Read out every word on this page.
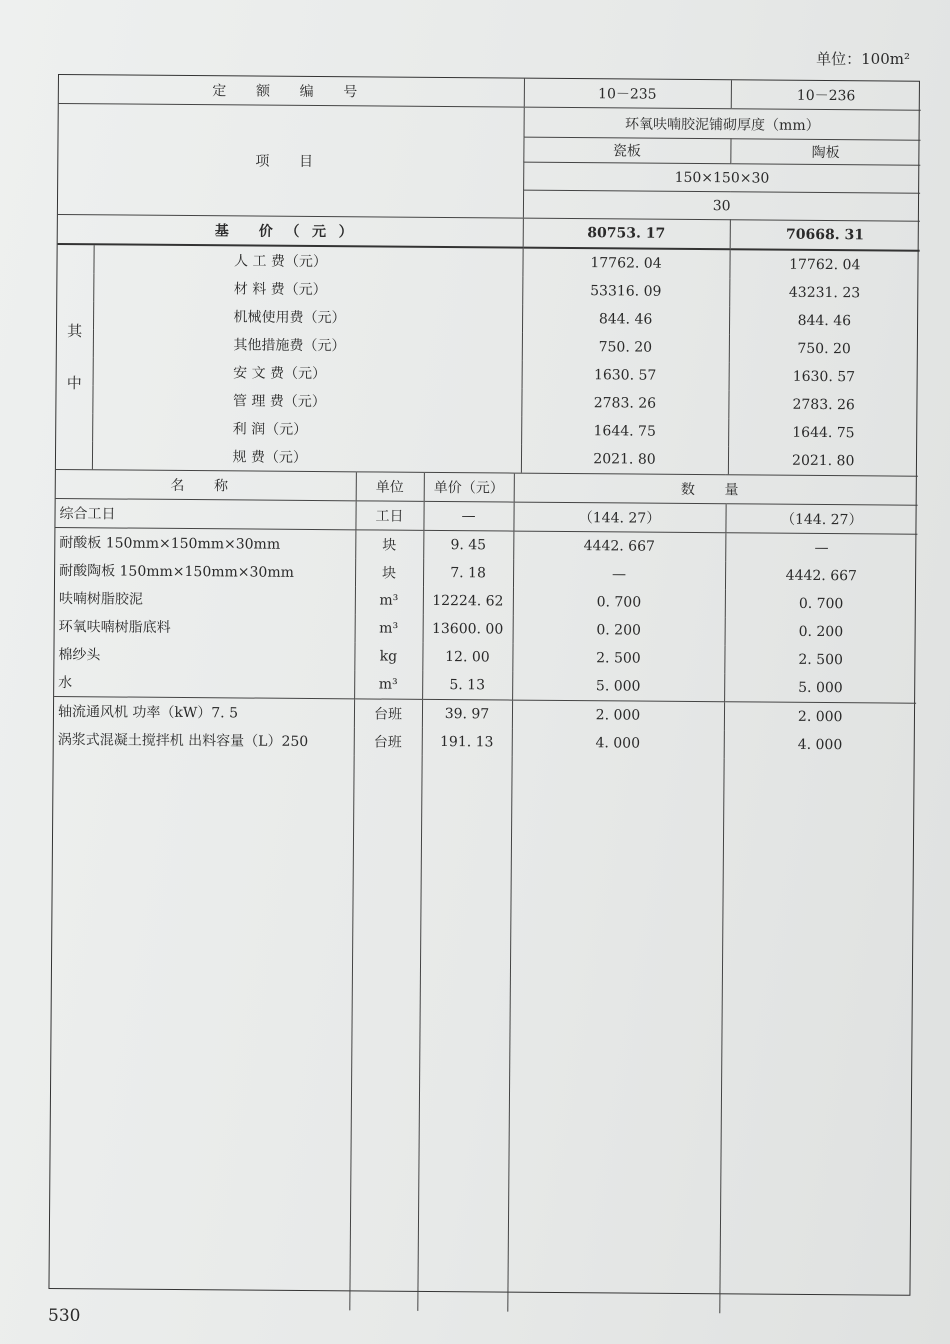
单位：100m²
定 额 编 号	10－235	10－236
项 目	环氧呋喃胶泥铺砌厚度（mm）	
	瓷板	陶板
	150×150×30	
	30	
基 价（元）	80753. 17	70668. 31
其 中	人 工 费（元）	17762. 04	17762. 04
	材 料 费（元）	53316. 09	43231. 23
	机械使用费（元）	844. 46	844. 46
	其他措施费（元）	750. 20	750. 20
	安 文 费（元）	1630. 57	1630. 57
	管 理 费（元）	2783. 26	2783. 26
	利 润（元）	1644. 75	1644. 75
	规 费（元）	2021. 80	2021. 80
名 称	单位	单价（元）	数 量	
综合工日	工日	—	（144. 27）	（144. 27）
耐酸板 150mm×150mm×30mm	块	9. 45	4442. 667	—
耐酸陶板 150mm×150mm×30mm	块	7. 18	—	4442. 667
呋喃树脂胶泥	m³	12224. 62	0. 700	0. 700
环氧呋喃树脂底料	m³	13600. 00	0. 200	0. 200
棉纱头	kg	12. 00	2. 500	2. 500
水	m³	5. 13	5. 000	5. 000
轴流通风机 功率（kW）7. 5	台班	39. 97	2. 000	2. 000
涡浆式混凝土搅拌机 出料容量（L）250	台班	191. 13	4. 000	4. 000

530
